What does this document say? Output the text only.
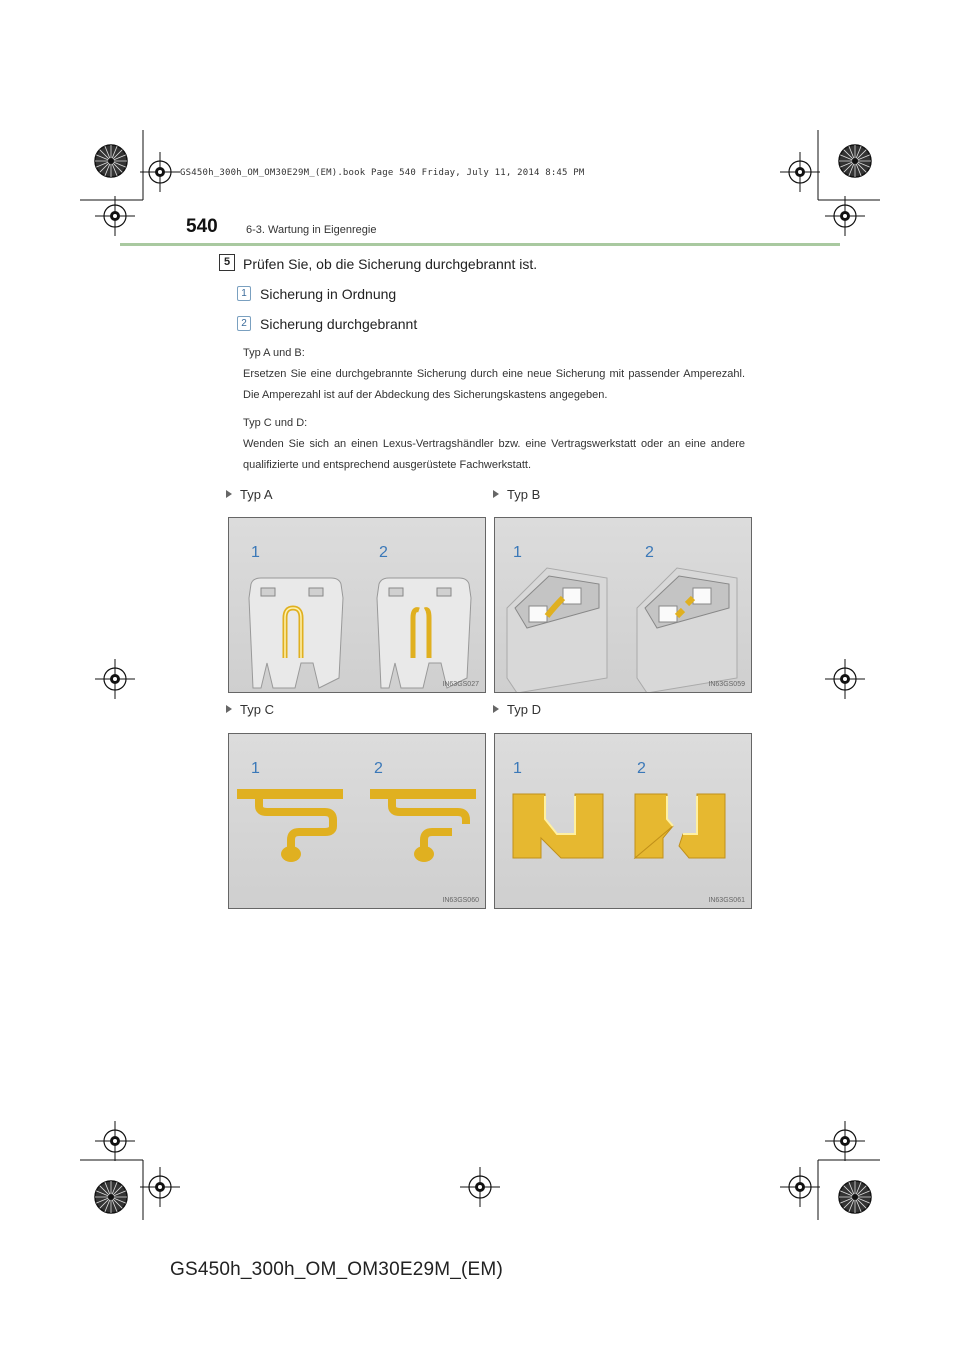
GS450h_300h_OM_OM30E29M_(EM).book Page 540 Friday, July 11, 2014 8:45 PM
540	6-3. Wartung in Eigenregie
5 Prüfen Sie, ob die Sicherung durchgebrannt ist.
1 Sicherung in Ordnung
2 Sicherung durchgebrannt
Typ A und B:
Ersetzen Sie eine durchgebrannte Sicherung durch eine neue Sicherung mit passender Amperezahl. Die Amperezahl ist auf der Abdeckung des Sicherungskastens angegeben.
Typ C und D:
Wenden Sie sich an einen Lexus-Vertragshändler bzw. eine Vertragswerkstatt oder an eine andere qualifizierte und entsprechend ausgerüstete Fachwerkstatt.
Typ A	Typ B
Typ C	Typ D
1	2
IN63GS027
1	2
IN63GS059
1	2
IN63GS060
1	2
IN63GS061
GS450h_300h_OM_OM30E29M_(EM)
